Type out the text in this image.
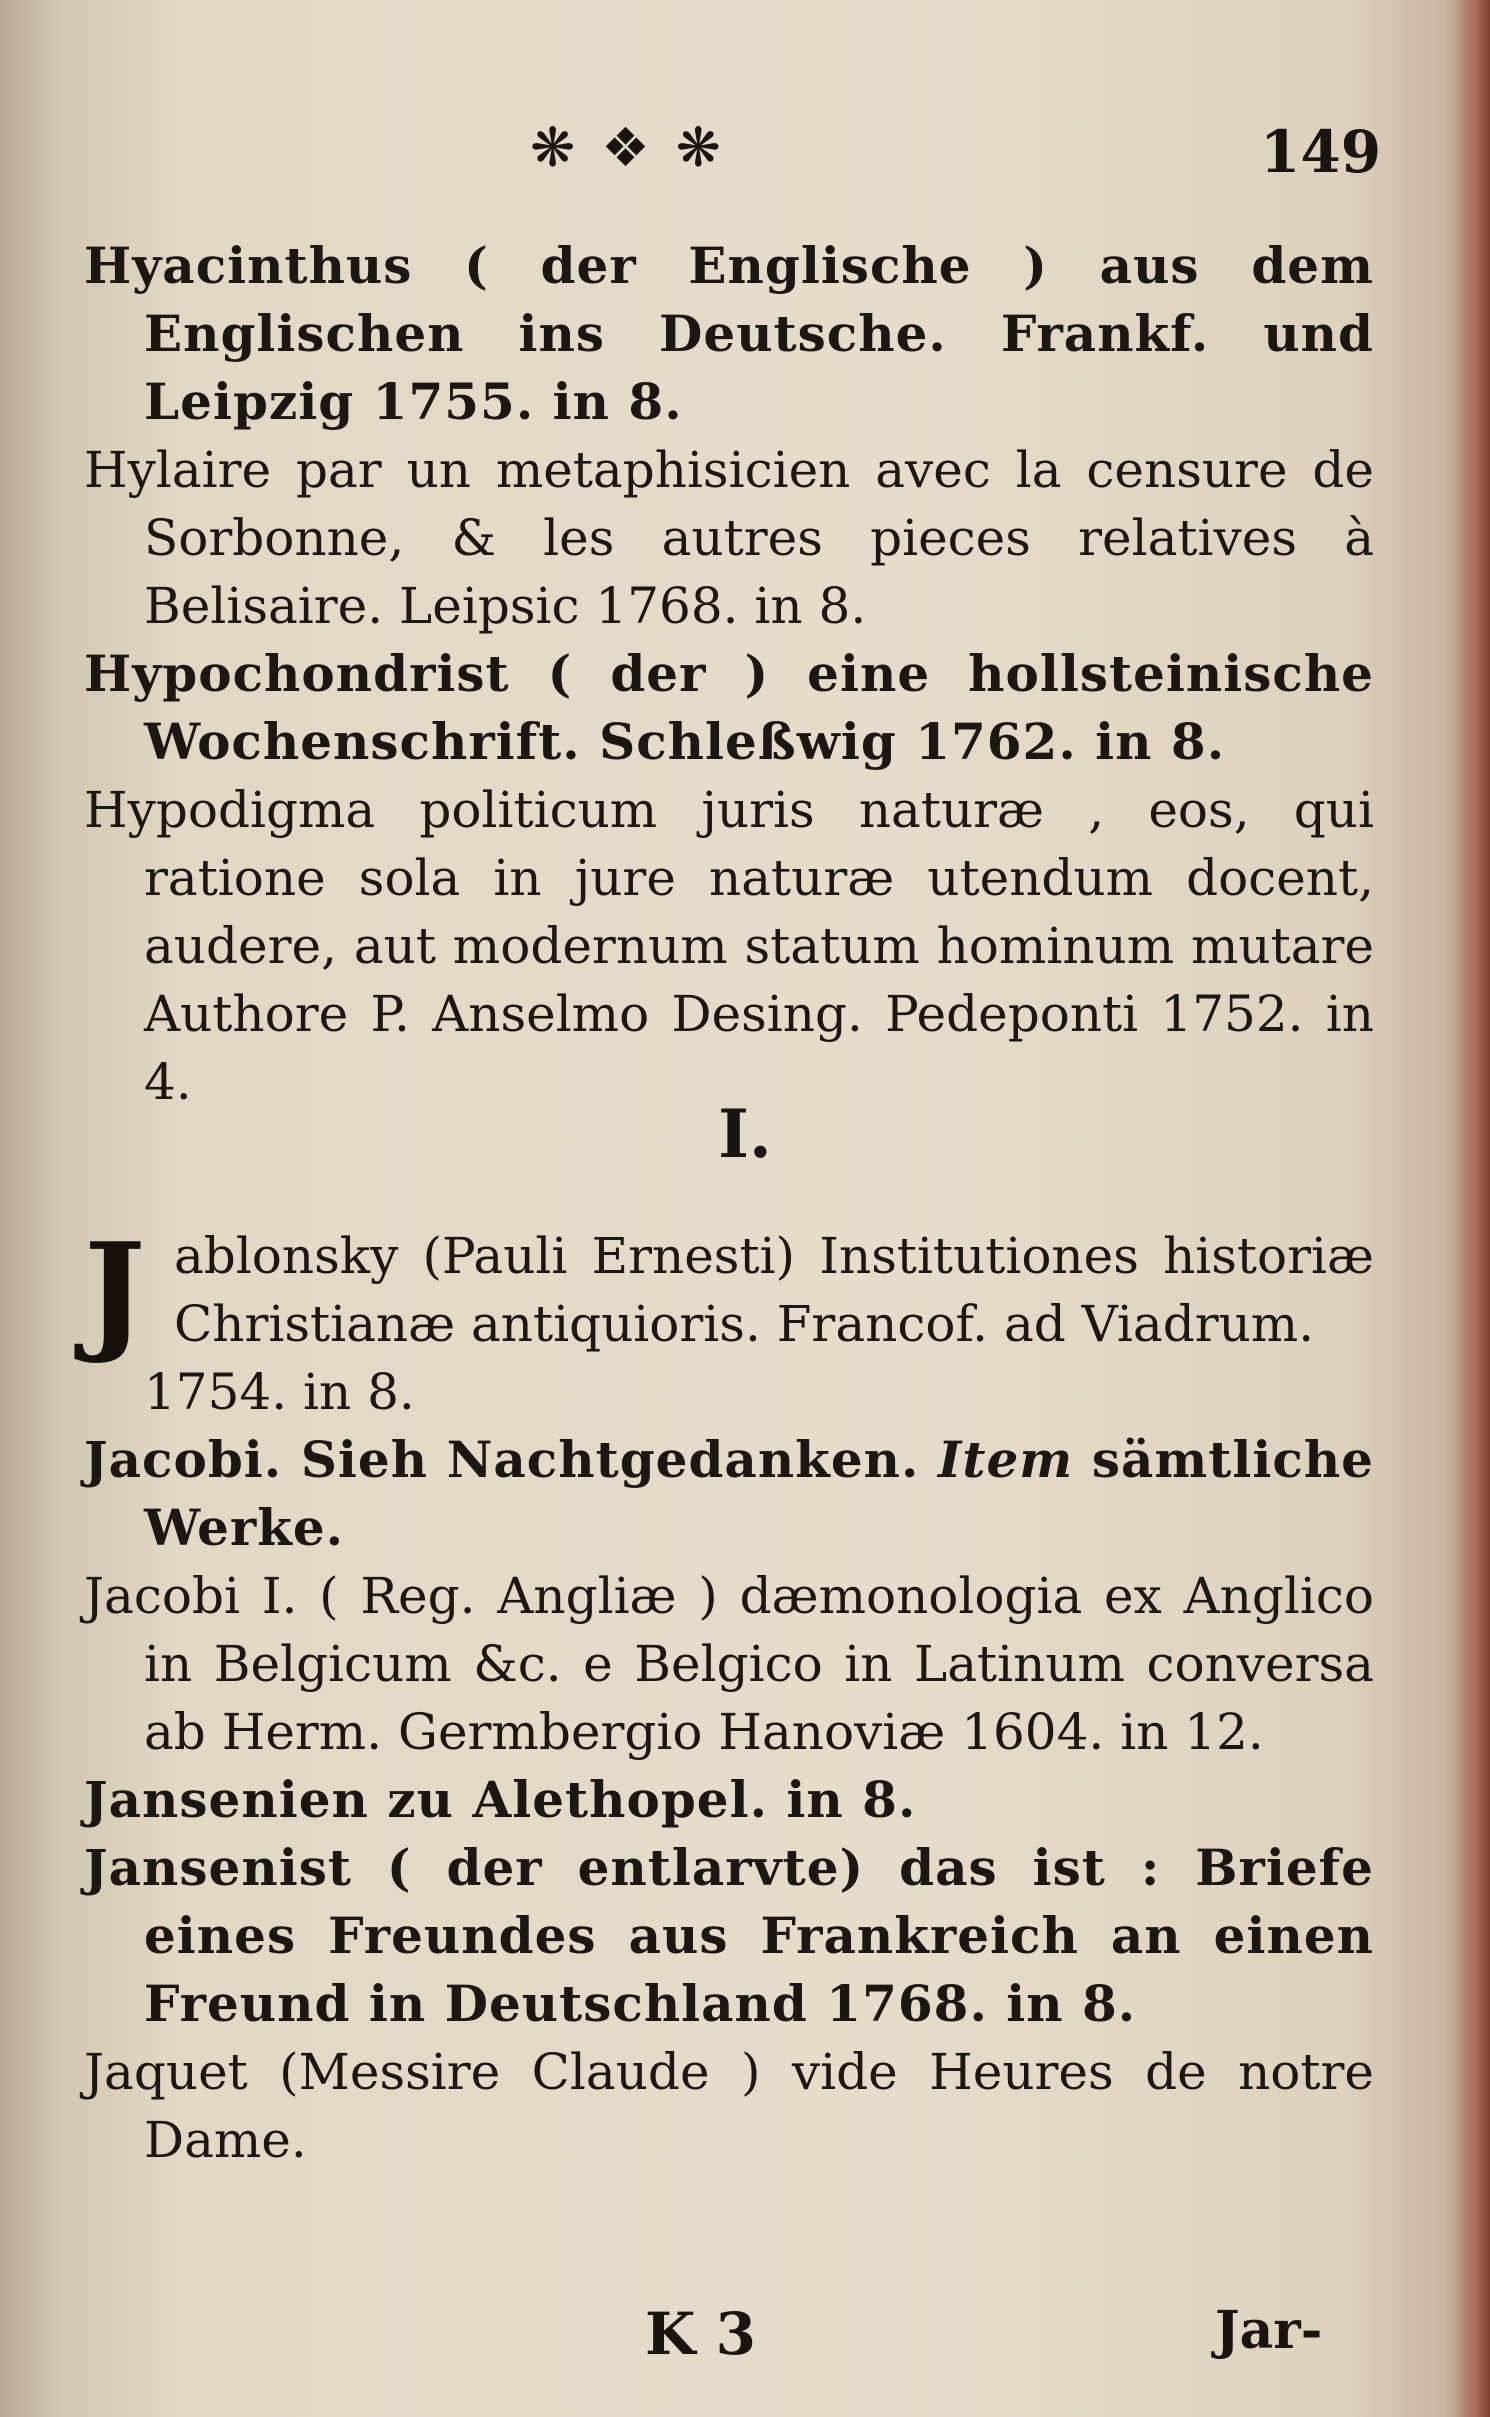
❋❖❋	149
Hyacinthus ( der Englische ) aus dem Englischen ins Deutsche. Frankf. und Leipzig 1755. in 8.
Hylaire par un metaphisicien avec la censure de Sorbonne, & les autres pieces relatives à Belisaire. Leipsic 1768. in 8.
Hypochondrist ( der ) eine hollsteinische Wochenschrift. Schleßwig 1762. in 8.
Hypodigma politicum juris naturæ , eos, qui ratione sola in jure naturæ utendum docent, audere, aut modernum statum hominum mutare Authore P. Anselmo Desing. Pedeponti 1752. in 4.
I.
J ablonsky (Pauli Ernesti) Institutiones historiæ Christianæ antiquioris. Francof. ad Viadrum.
1754. in 8.
Jacobi. Sieh Nachtgedanken. Item sämtliche Werke.
Jacobi I. ( Reg. Angliæ ) dæmonologia ex Anglico in Belgicum &c. e Belgico in Latinum conversa ab Herm. Germbergio Hanoviæ 1604. in 12.
Jansenien zu Alethopel. in 8.
Jansenist ( der entlarvte) das ist : Briefe eines Freundes aus Frankreich an einen Freund in Deutschland 1768. in 8.
Jaquet (Messire Claude ) vide Heures de notre Dame.
K 3	Jar-
